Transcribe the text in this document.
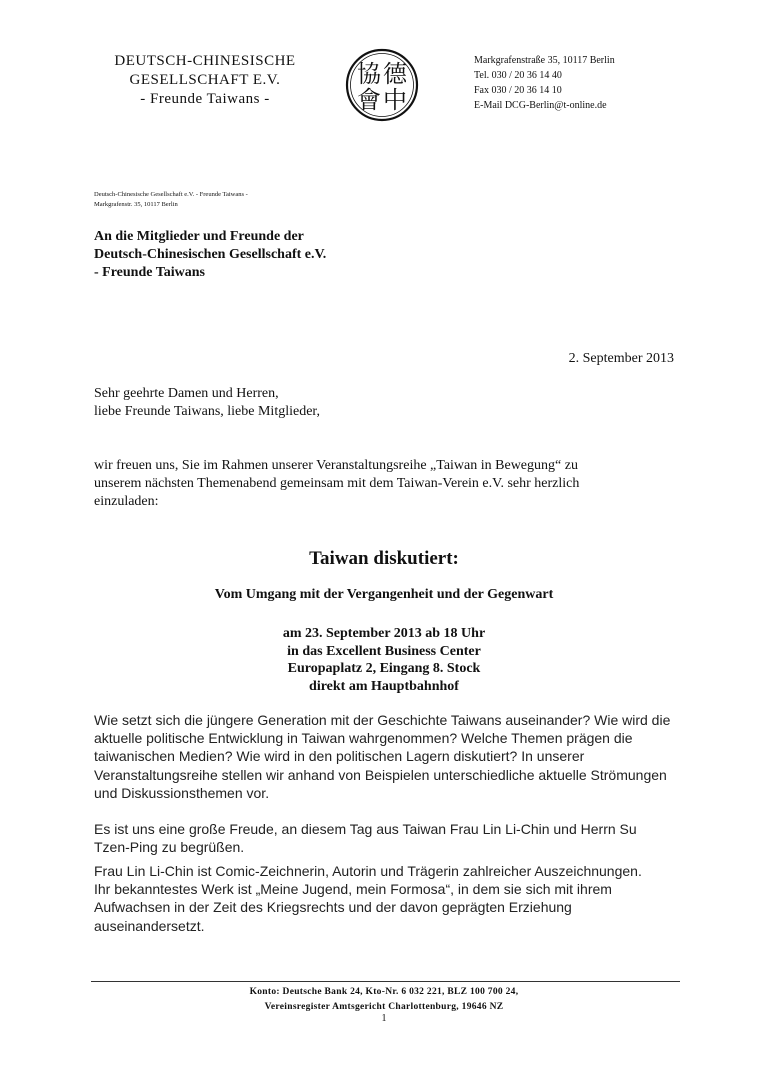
DEUTSCH-CHINESISCHE
GESELLSCHAFT E.V.
- Freunde Taiwans -
德
中
協
會
Markgrafenstraße 35, 10117 Berlin
Tel. 030 / 20 36 14 40
Fax 030 / 20 36 14 10
E-Mail DCG-Berlin@t-online.de
Deutsch-Chinesische Gesellschaft e.V. - Freunde Taiwans -
Markgrafenstr. 35, 10117 Berlin
An die Mitglieder und Freunde der
Deutsch-Chinesischen Gesellschaft e.V.
- Freunde Taiwans
2. September 2013
Sehr geehrte Damen und Herren,
liebe Freunde Taiwans, liebe Mitglieder,

wir freuen uns, Sie im Rahmen unserer Veranstaltungsreihe „Taiwan in Bewegung“ zu

unserem nächsten Themenabend gemeinsam mit dem Taiwan-Verein e.V. sehr herzlich

einzuladen:

Taiwan diskutiert:
Vom Umgang mit der Vergangenheit und der Gegenwart
am 23. September 2013 ab 18 Uhr
in das Excellent Business Center
Europaplatz 2, Eingang 8. Stock
direkt am Hauptbahnhof
Wie setzt sich die jüngere Generation mit der Geschichte Taiwans auseinander? Wie wird die
aktuelle politische Entwicklung in Taiwan wahrgenommen? Welche Themen prägen die
taiwanischen Medien? Wie wird in den politischen Lagern diskutiert? In unserer
Veranstaltungsreihe stellen wir anhand von Beispielen unterschiedliche aktuelle Strömungen
und Diskussionsthemen vor.
Es ist uns eine große Freude, an diesem Tag aus Taiwan Frau Lin Li-Chin und Herrn Su
Tzen-Ping zu begrüßen.
Frau Lin Li-Chin ist Comic-Zeichnerin, Autorin und Trägerin zahlreicher Auszeichnungen.
Ihr bekanntestes Werk ist „Meine Jugend, mein Formosa“, in dem sie sich mit ihrem
Aufwachsen in der Zeit des Kriegsrechts und der davon geprägten Erziehung
auseinandersetzt.
Konto: Deutsche Bank 24, Kto-Nr. 6 032 221, BLZ 100 700 24,
Vereinsregister Amtsgericht Charlottenburg, 19646 NZ
1
